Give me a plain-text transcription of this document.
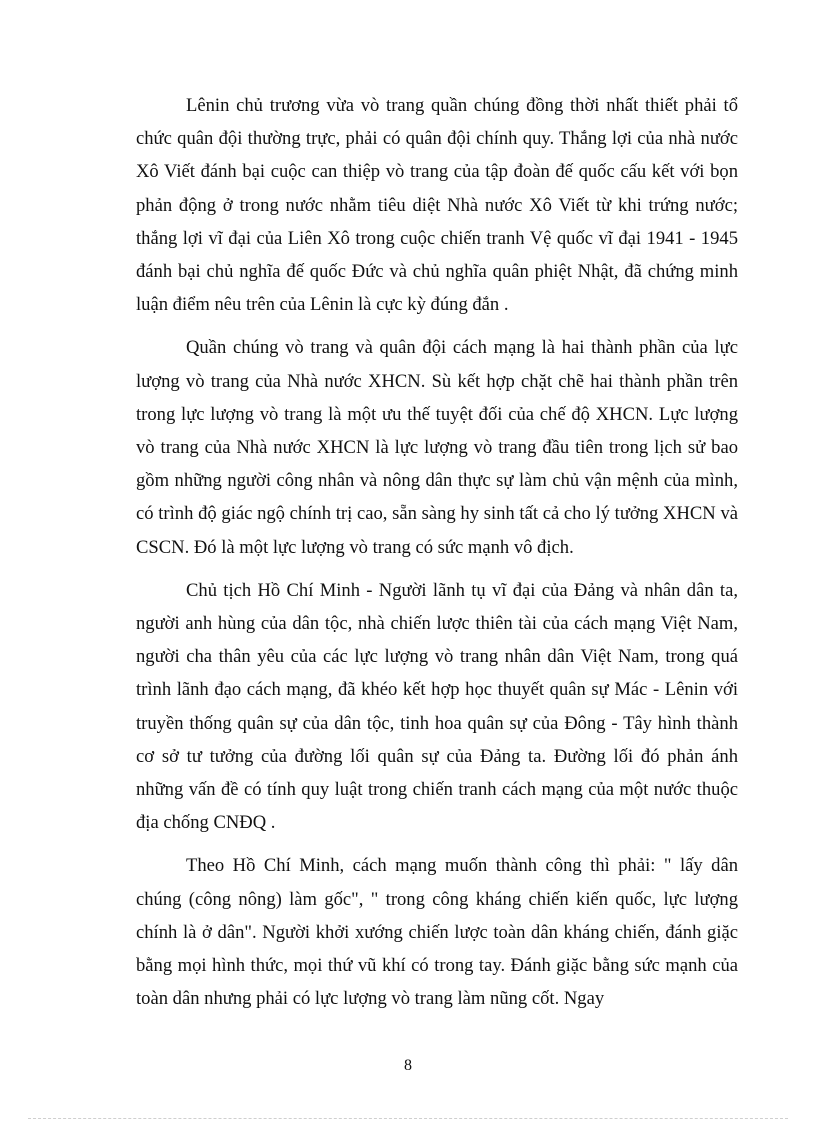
Lênin chủ trương vừa vò trang quần chúng đồng thời nhất thiết phải tổ chức quân đội thường trực, phải có quân đội chính quy. Thắng lợi của nhà nước Xô Viết đánh bại cuộc can thiệp vò trang của tập đoàn đế quốc cấu kết với bọn phản động ở trong nước nhằm tiêu diệt Nhà nước Xô Viết từ khi trứng nước; thắng lợi vĩ đại của Liên Xô trong cuộc chiến tranh Vệ quốc vĩ đại 1941 - 1945 đánh bại chủ nghĩa đế quốc Đức và chủ nghĩa quân phiệt Nhật, đã chứng minh luận điểm nêu trên của Lênin là cực kỳ đúng đắn .

Quần chúng vò trang và quân đội cách mạng là hai thành phần của lực lượng vò trang của Nhà nước XHCN. Sù kết hợp chặt chẽ hai thành phần trên trong lực lượng vò trang là một ưu thế tuyệt đối của chế độ XHCN. Lực lượng vò trang của Nhà nước XHCN là lực lượng vò trang đầu tiên trong lịch sử bao gồm những người công nhân và nông dân thực sự làm chủ vận mệnh của mình, có trình độ giác ngộ chính trị cao, sẵn sàng hy sinh tất cả cho lý tưởng XHCN và CSCN. Đó là một lực lượng vò trang có sức mạnh vô địch.

Chủ tịch Hồ Chí Minh - Người lãnh tụ vĩ đại của Đảng và nhân dân ta, người anh hùng của dân tộc, nhà chiến lược thiên tài của cách mạng Việt Nam, người cha thân yêu của các lực lượng vò trang nhân dân Việt Nam, trong quá trình lãnh đạo cách mạng, đã khéo kết hợp học thuyết quân sự Mác - Lênin với truyền thống quân sự của dân tộc, tinh hoa quân sự của Đông - Tây hình thành cơ sở tư tưởng của đường lối quân sự của Đảng ta. Đường lối đó phản ánh những vấn đề có tính quy luật trong chiến tranh cách mạng của một nước thuộc địa chống CNĐQ .

Theo Hồ Chí Minh, cách mạng muốn thành công thì phải: " lấy dân chúng (công nông) làm gốc", " trong công kháng chiến kiến quốc, lực lượng chính là ở dân". Người khởi xướng chiến lược toàn dân kháng chiến, đánh giặc bằng mọi hình thức, mọi thứ vũ khí có trong tay. Đánh giặc bằng sức mạnh của toàn dân nhưng phải có lực lượng vò trang làm nũng cốt. Ngay

8
